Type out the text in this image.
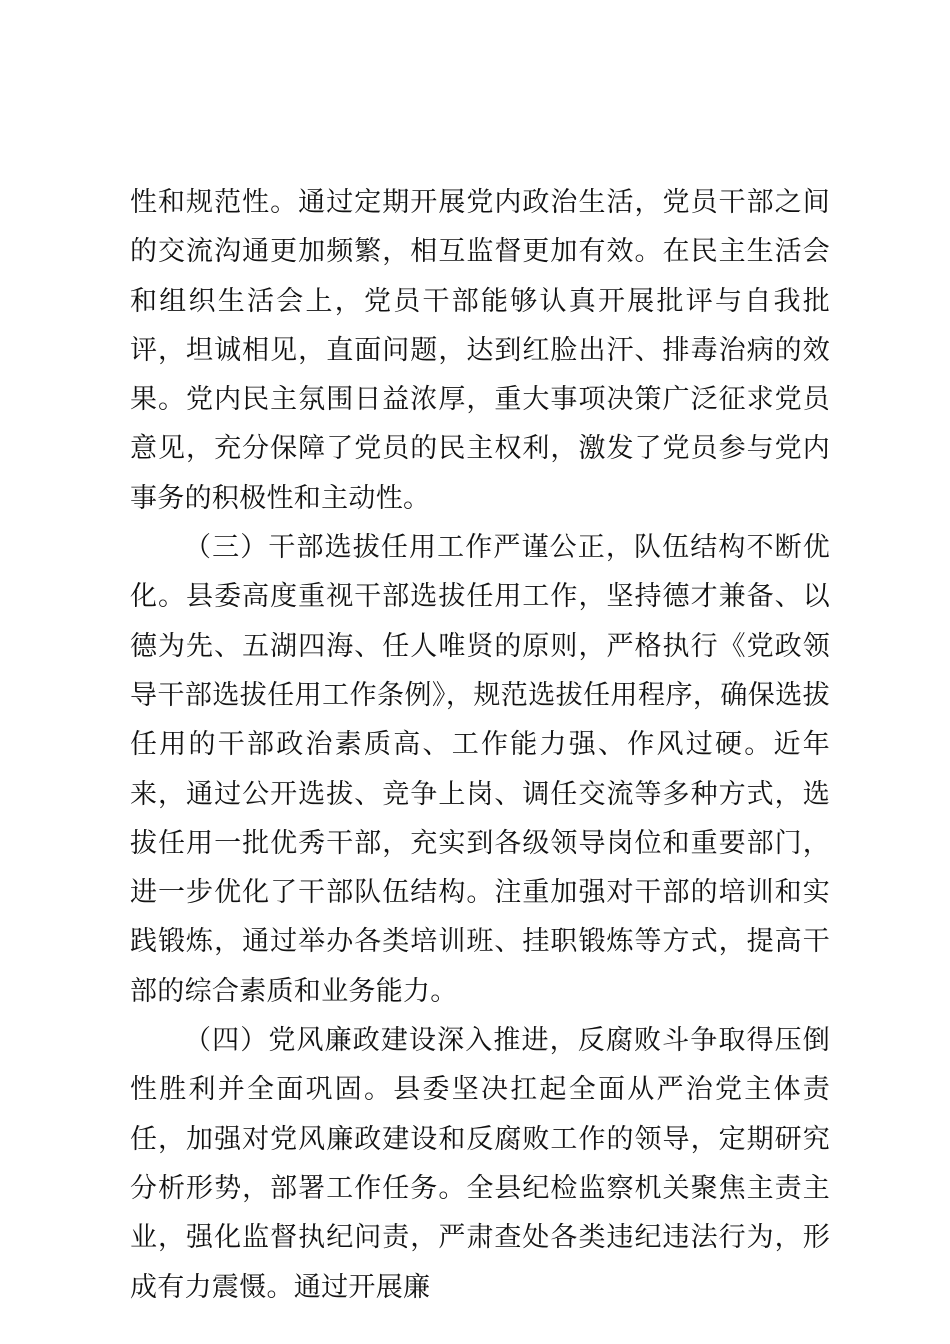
性和规范性。通过定期开展党内政治生活，党员干部之间的交流沟通更加频繁，相互监督更加有效。在民主生活会和组织生活会上，党员干部能够认真开展批评与自我批评，坦诚相见，直面问题，达到红脸出汗、排毒治病的效果。党内民主氛围日益浓厚，重大事项决策广泛征求党员意见，充分保障了党员的民主权利，激发了党员参与党内事务的积极性和主动性。

（三）干部选拔任用工作严谨公正，队伍结构不断优化。县委高度重视干部选拔任用工作，坚持德才兼备、以德为先、五湖四海、任人唯贤的原则，严格执行《党政领导干部选拔任用工作条例》，规范选拔任用程序，确保选拔任用的干部政治素质高、工作能力强、作风过硬。近年来，通过公开选拔、竞争上岗、调任交流等多种方式，选拔任用一批优秀干部，充实到各级领导岗位和重要部门，进一步优化了干部队伍结构。注重加强对干部的培训和实践锻炼，通过举办各类培训班、挂职锻炼等方式，提高干部的综合素质和业务能力。

（四）党风廉政建设深入推进，反腐败斗争取得压倒性胜利并全面巩固。县委坚决扛起全面从严治党主体责任，加强对党风廉政建设和反腐败工作的领导，定期研究分析形势，部署工作任务。全县纪检监察机关聚焦主责主业，强化监督执纪问责，严肃查处各类违纪违法行为，形成有力震慑。通过开展廉
